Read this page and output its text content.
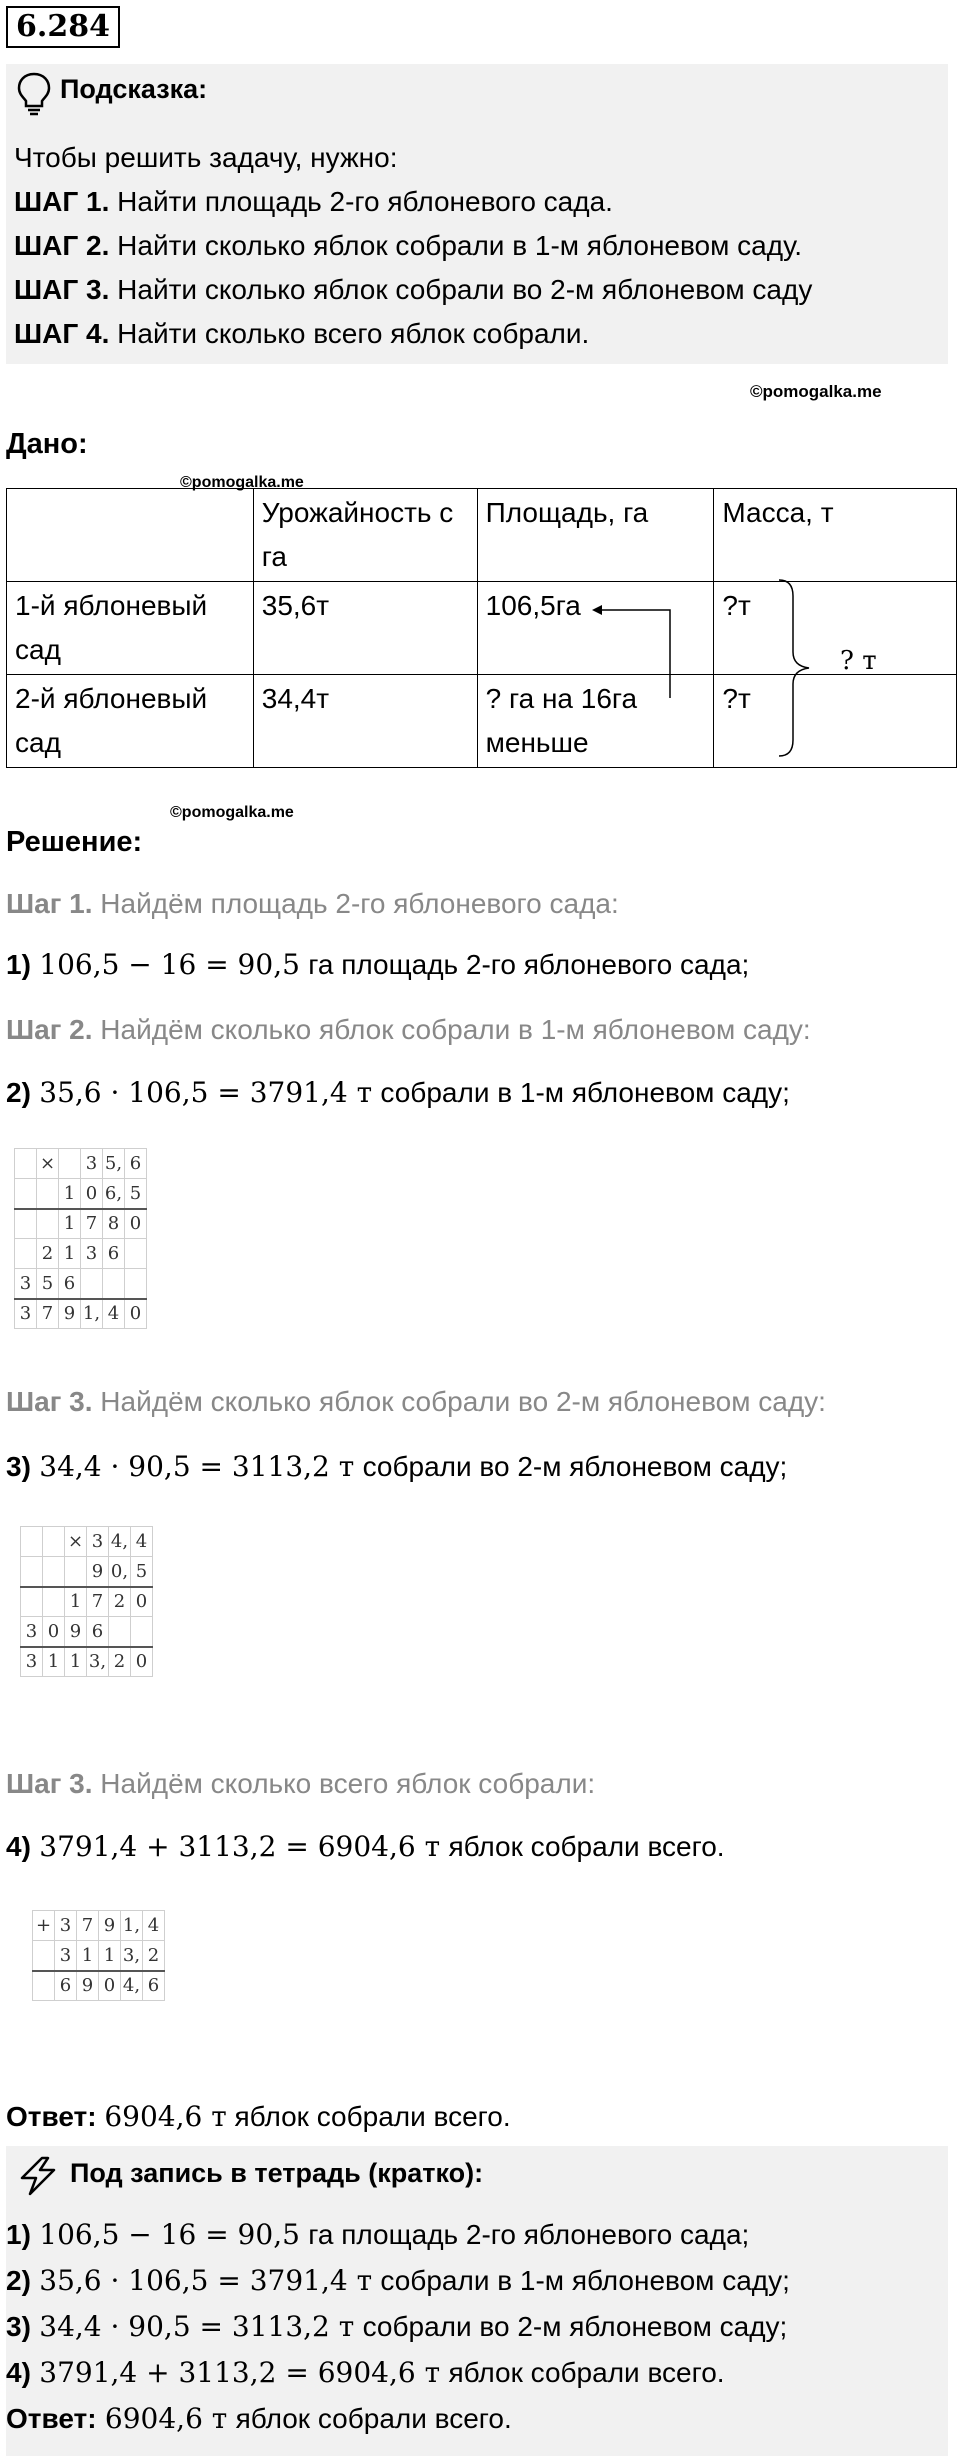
6.284
Подсказка:
Чтобы решить задачу, нужно:
ШАГ 1. Найти площадь 2-го яблоневого сада.
ШАГ 2. Найти сколько яблок собрали в 1-м яблоневом саду.
ШАГ 3. Найти сколько яблок собрали во 2-м яблоневом саду
ШАГ 4. Найти сколько всего яблок собрали.
©pomogalka.me
Дано:
©pomogalka.me
	Урожайность с га	Площадь, га	Масса, т
1-й яблоневый сад	35,6т	106,5га	?т
2-й яблоневый сад	34,4т	? га на 16га меньше	?т
? т
©pomogalka.me
Решение:
Шаг 1. Найдём площадь 2-го яблоневого сада:
1) 106,5 − 16 = 90,5 га площадь 2-го яблоневого сада;
Шаг 2. Найдём сколько яблок собрали в 1-м яблоневом саду:
2) 35,6 · 106,5 = 3791,4 т собрали в 1-м яблоневом саду;
	×		3	5,	6
		1	0	6,	5
		1	7	8	0
	2	1	3	6	
3	5	6			
3	7	9	1,	4	0
Шаг 3. Найдём сколько яблок собрали во 2-м яблоневом саду:
3) 34,4 · 90,5 = 3113,2 т собрали во 2-м яблоневом саду;
		×	3	4,	4
			9	0,	5
		1	7	2	0
3	0	9	6		
3	1	1	3,	2	0
Шаг 3. Найдём сколько всего яблок собрали:
4) 3791,4 + 3113,2 = 6904,6 т яблок собрали всего.
+	3	7	9	1,	4
	3	1	1	3,	2
	6	9	0	4,	6
Ответ: 6904,6 т яблок собрали всего.
Под запись в тетрадь (кратко):
1) 106,5 − 16 = 90,5 га площадь 2-го яблоневого сада;
2) 35,6 · 106,5 = 3791,4 т собрали в 1-м яблоневом саду;
3) 34,4 · 90,5 = 3113,2 т собрали во 2-м яблоневом саду;
4) 3791,4 + 3113,2 = 6904,6 т яблок собрали всего.
Ответ: 6904,6 т яблок собрали всего.
